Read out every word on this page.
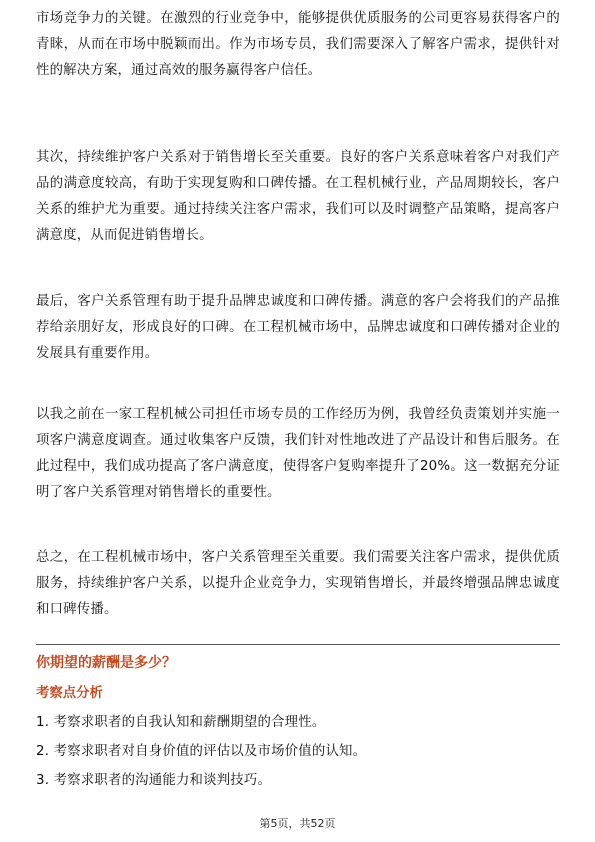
市场竞争力的关键。在激烈的行业竞争中，能够提供优质服务的公司更容易获得客户的青睐，从而在市场中脱颖而出。作为市场专员，我们需要深入了解客户需求，提供针对性的解决方案，通过高效的服务赢得客户信任。

其次，持续维护客户关系对于销售增长至关重要。良好的客户关系意味着客户对我们产品的满意度较高，有助于实现复购和口碑传播。在工程机械行业，产品周期较长，客户关系的维护尤为重要。通过持续关注客户需求，我们可以及时调整产品策略，提高客户满意度，从而促进销售增长。

最后，客户关系管理有助于提升品牌忠诚度和口碑传播。满意的客户会将我们的产品推荐给亲朋好友，形成良好的口碑。在工程机械市场中，品牌忠诚度和口碑传播对企业的发展具有重要作用。

以我之前在一家工程机械公司担任市场专员的工作经历为例，我曾经负责策划并实施一项客户满意度调查。通过收集客户反馈，我们针对性地改进了产品设计和售后服务。在此过程中，我们成功提高了客户满意度，使得客户复购率提升了20%。这一数据充分证明了客户关系管理对销售增长的重要性。

总之，在工程机械市场中，客户关系管理至关重要。我们需要关注客户需求，提供优质服务，持续维护客户关系，以提升企业竞争力，实现销售增长，并最终增强品牌忠诚度和口碑传播。

你期望的薪酬是多少？
考察点分析
1. 考察求职者的自我认知和薪酬期望的合理性。
2. 考察求职者对自身价值的评估以及市场价值的认知。
3. 考察求职者的沟通能力和谈判技巧。
第5页，共52页
